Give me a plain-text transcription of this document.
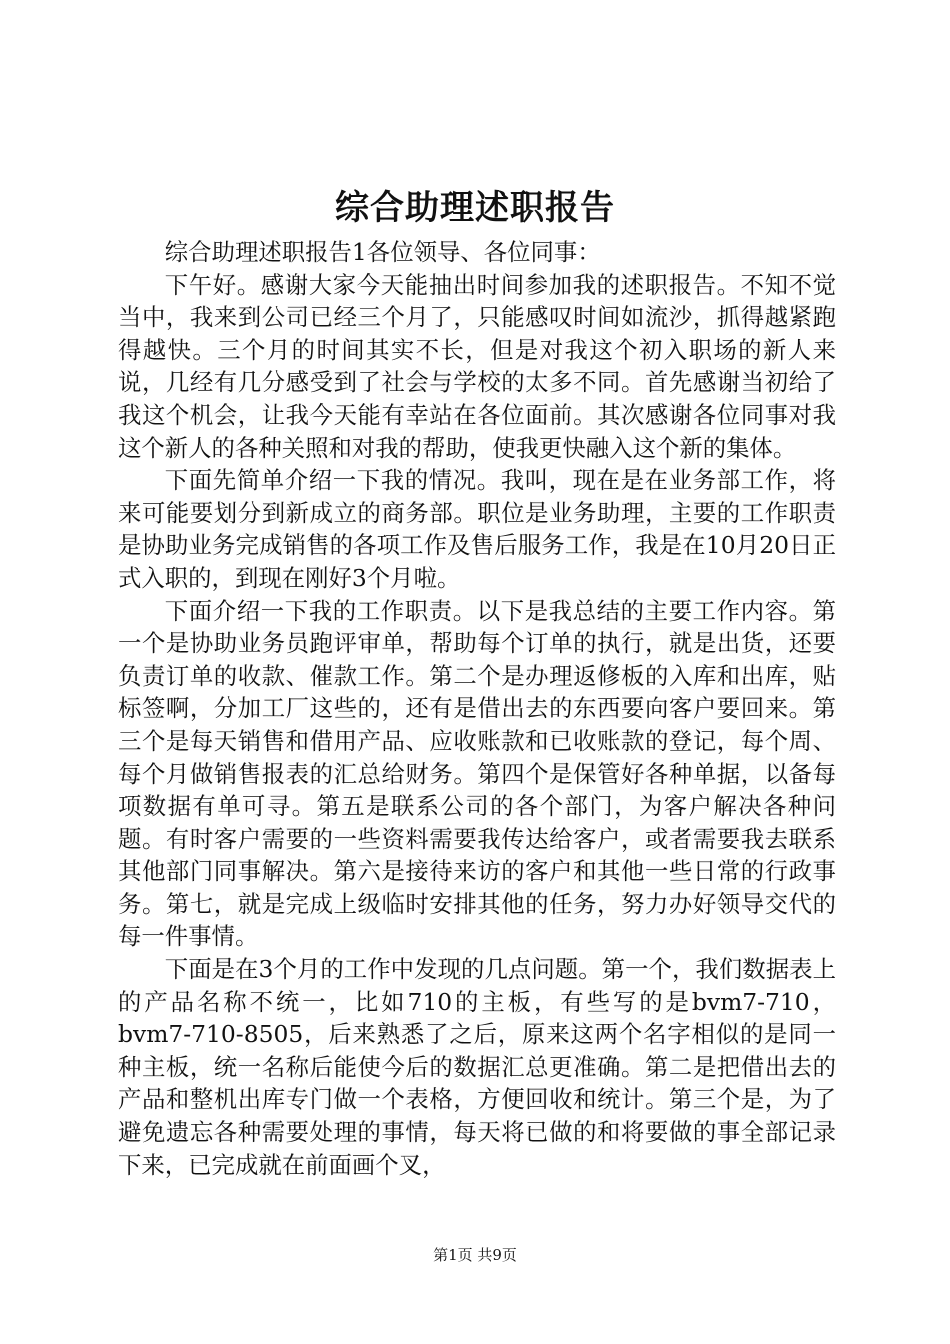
综合助理述职报告

综合助理述职报告1各位领导、各位同事：

下午好。感谢大家今天能抽出时间参加我的述职报告。不知不觉当中，我来到公司已经三个月了，只能感叹时间如流沙，抓得越紧跑得越快。三个月的时间其实不长，但是对我这个初入职场的新人来说，几经有几分感受到了社会与学校的太多不同。首先感谢当初给了我这个机会，让我今天能有幸站在各位面前。其次感谢各位同事对我这个新人的各种关照和对我的帮助，使我更快融入这个新的集体。

下面先简单介绍一下我的情况。我叫，现在是在业务部工作，将来可能要划分到新成立的商务部。职位是业务助理，主要的工作职责是协助业务完成销售的各项工作及售后服务工作，我是在10月20日正式入职的，到现在刚好3个月啦。

下面介绍一下我的工作职责。以下是我总结的主要工作内容。第一个是协助业务员跑评审单，帮助每个订单的执行，就是出货，还要负责订单的收款、催款工作。第二个是办理返修板的入库和出库，贴标签啊，分加工厂这些的，还有是借出去的东西要向客户要回来。第三个是每天销售和借用产品、应收账款和已收账款的登记，每个周、每个月做销售报表的汇总给财务。第四个是保管好各种单据，以备每项数据有单可寻。第五是联系公司的各个部门，为客户解决各种问题。有时客户需要的一些资料需要我传达给客户，或者需要我去联系其他部门同事解决。第六是接待来访的客户和其他一些日常的行政事务。第七，就是完成上级临时安排其他的任务，努力办好领导交代的每一件事情。

下面是在3个月的工作中发现的几点问题。第一个，我们数据表上的产品名称不统一，比如710的主板，有些写的是bvm7-710，bvm7-710-8505，后来熟悉了之后，原来这两个名字相似的是同一种主板，统一名称后能使今后的数据汇总更准确。第二是把借出去的产品和整机出库专门做一个表格，方便回收和统计。第三个是，为了避免遗忘各种需要处理的事情，每天将已做的和将要做的事全部记录下来，已完成就在前面画个叉，

第1页 共9页
